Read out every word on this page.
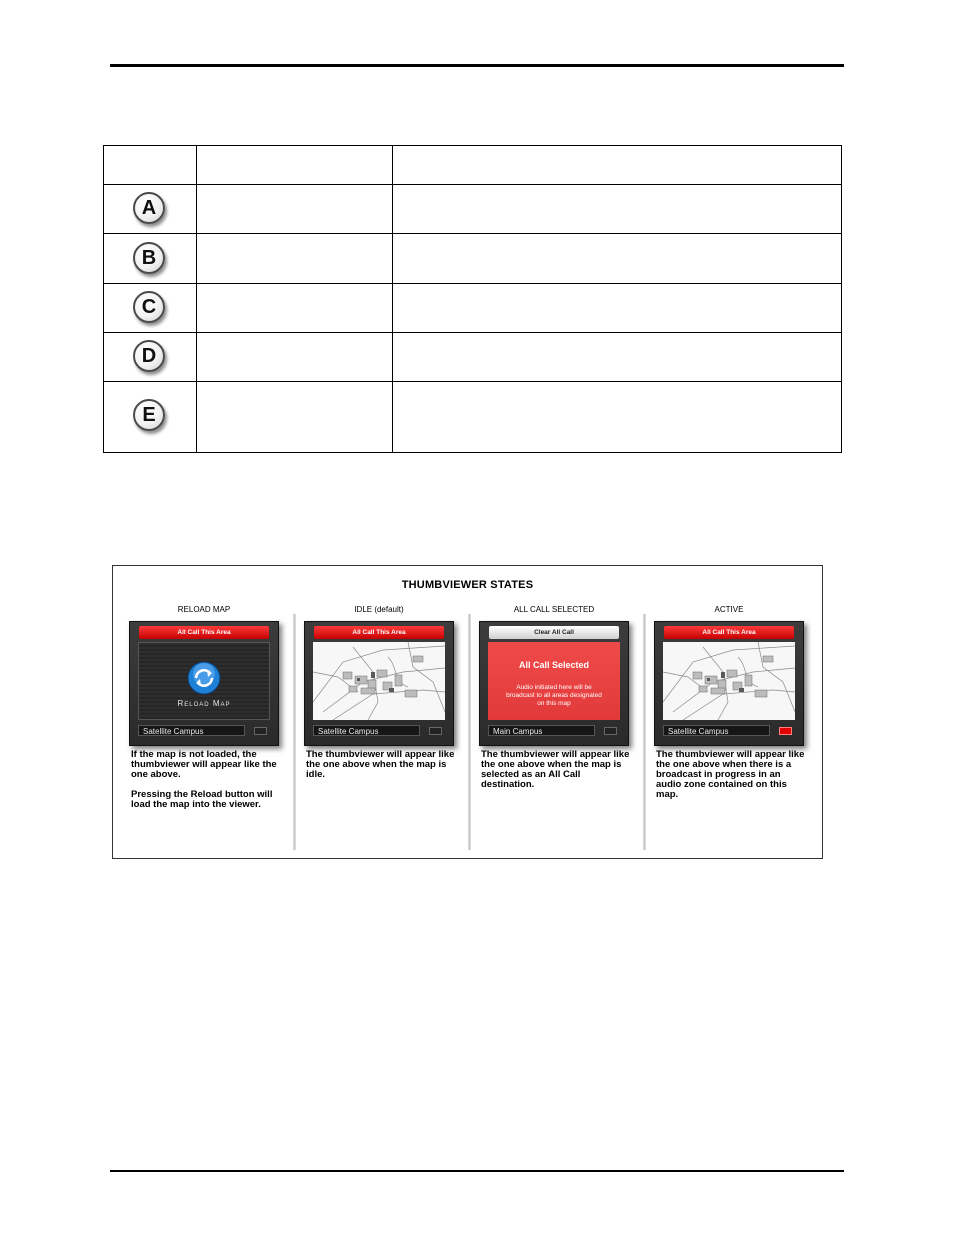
A
B
C
D
E
THUMBVIEWER STATES
RELOAD MAP
All Call This Area
Reload Map
Satellite Campus

If the map is not loaded, the thumbviewer will appear like the one above.

Pressing the Reload button will load the map into the viewer.

IDLE (default)
All Call This Area
Satellite Campus

The thumbviewer will appear like the one above when the map is idle.

ALL CALL SELECTED
Clear All Call
All Call Selected
Audio initiated here will be broadcast to all areas designated on this map
Main Campus

The thumbviewer will appear like the one above when the map is selected as an All Call destination.

ACTIVE
All Call This Area
Satellite Campus

The thumbviewer will appear like the one above when there is a broadcast in progress in an audio zone contained on this map.
